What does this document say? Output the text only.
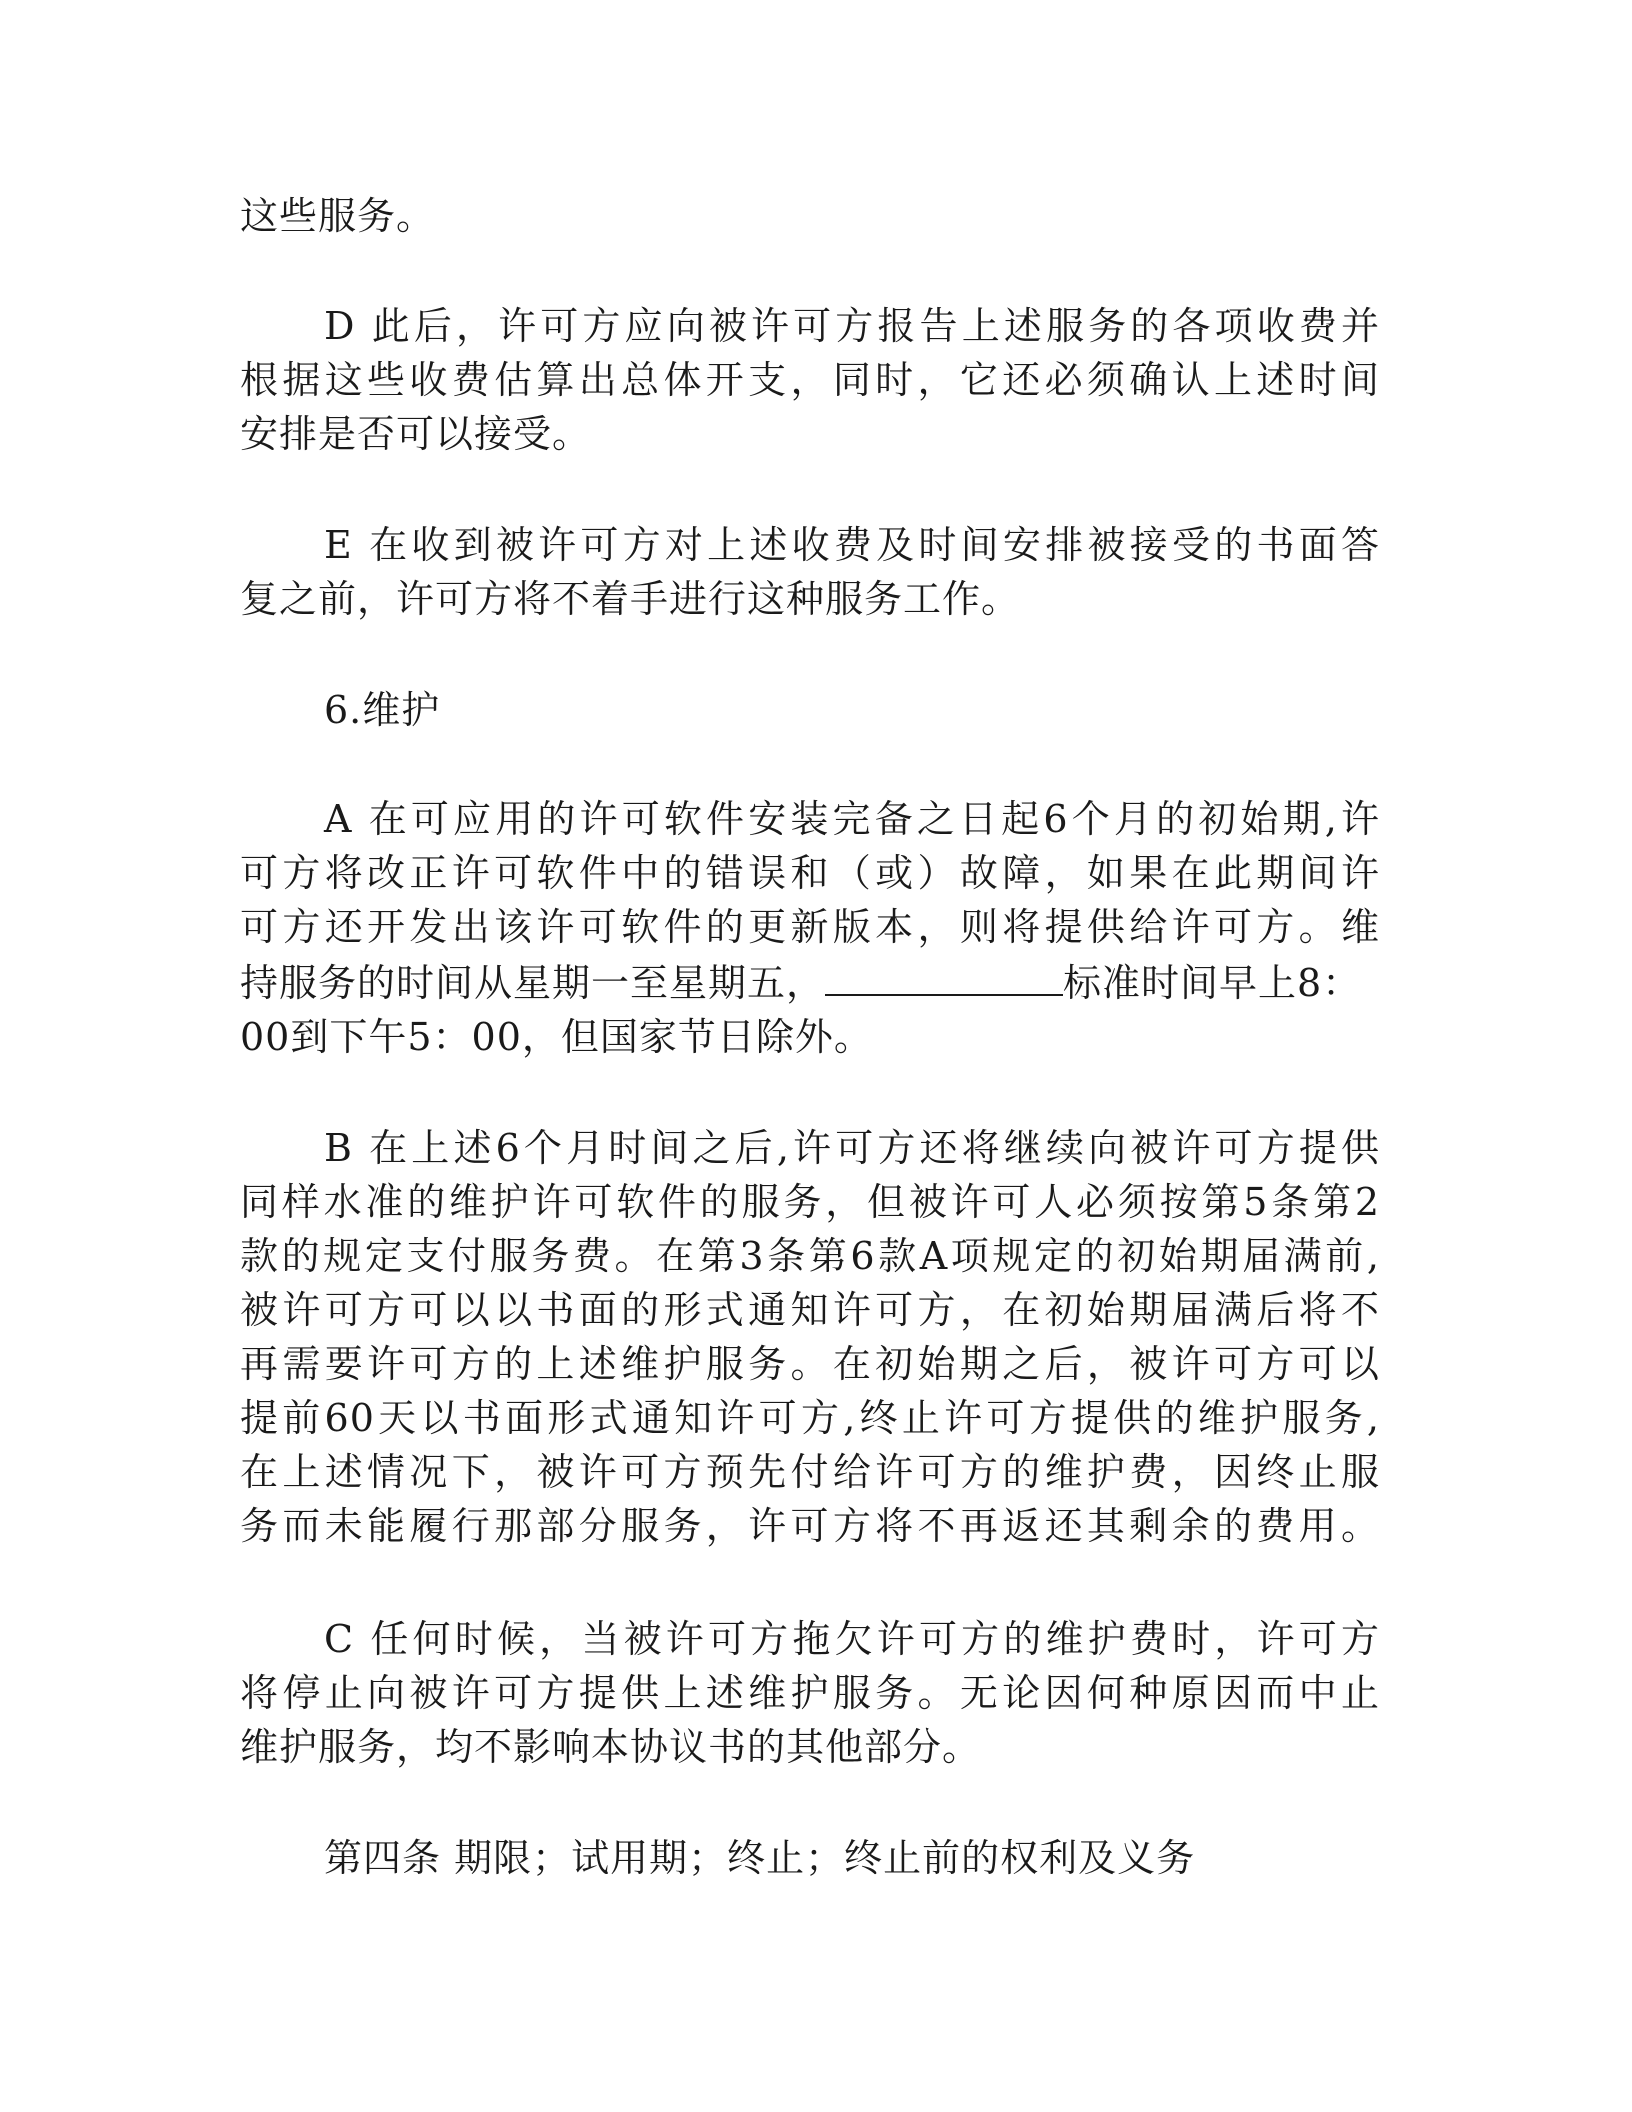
这些服务。
D 此后，许可方应向被许可方报告上述服务的各项收费并
根据这些收费估算出总体开支，同时，它还必须确认上述时间
安排是否可以接受。
E 在收到被许可方对上述收费及时间安排被接受的书面答
复之前，许可方将不着手进行这种服务工作。
6.维护
A 在可应用的许可软件安装完备之日起6个月的初始期,许
可方将改正许可软件中的错误和（或）故障，如果在此期间许
可方还开发出该许可软件的更新版本，则将提供给许可方。维
持服务的时间从星期一至星期五，	标准时间早上8：
00到下午5：00，但国家节日除外。
B 在上述6个月时间之后,许可方还将继续向被许可方提供
同样水准的维护许可软件的服务，但被许可人必须按第5条第2
款的规定支付服务费。在第3条第6款A项规定的初始期届满前,
被许可方可以以书面的形式通知许可方，在初始期届满后将不
再需要许可方的上述维护服务。在初始期之后，被许可方可以
提前60天以书面形式通知许可方,终止许可方提供的维护服务,
在上述情况下，被许可方预先付给许可方的维护费，因终止服
务而未能履行那部分服务，许可方将不再返还其剩余的费用。
C 任何时候，当被许可方拖欠许可方的维护费时，许可方
将停止向被许可方提供上述维护服务。无论因何种原因而中止
维护服务，均不影响本协议书的其他部分。
第四条 期限；试用期；终止；终止前的权利及义务
